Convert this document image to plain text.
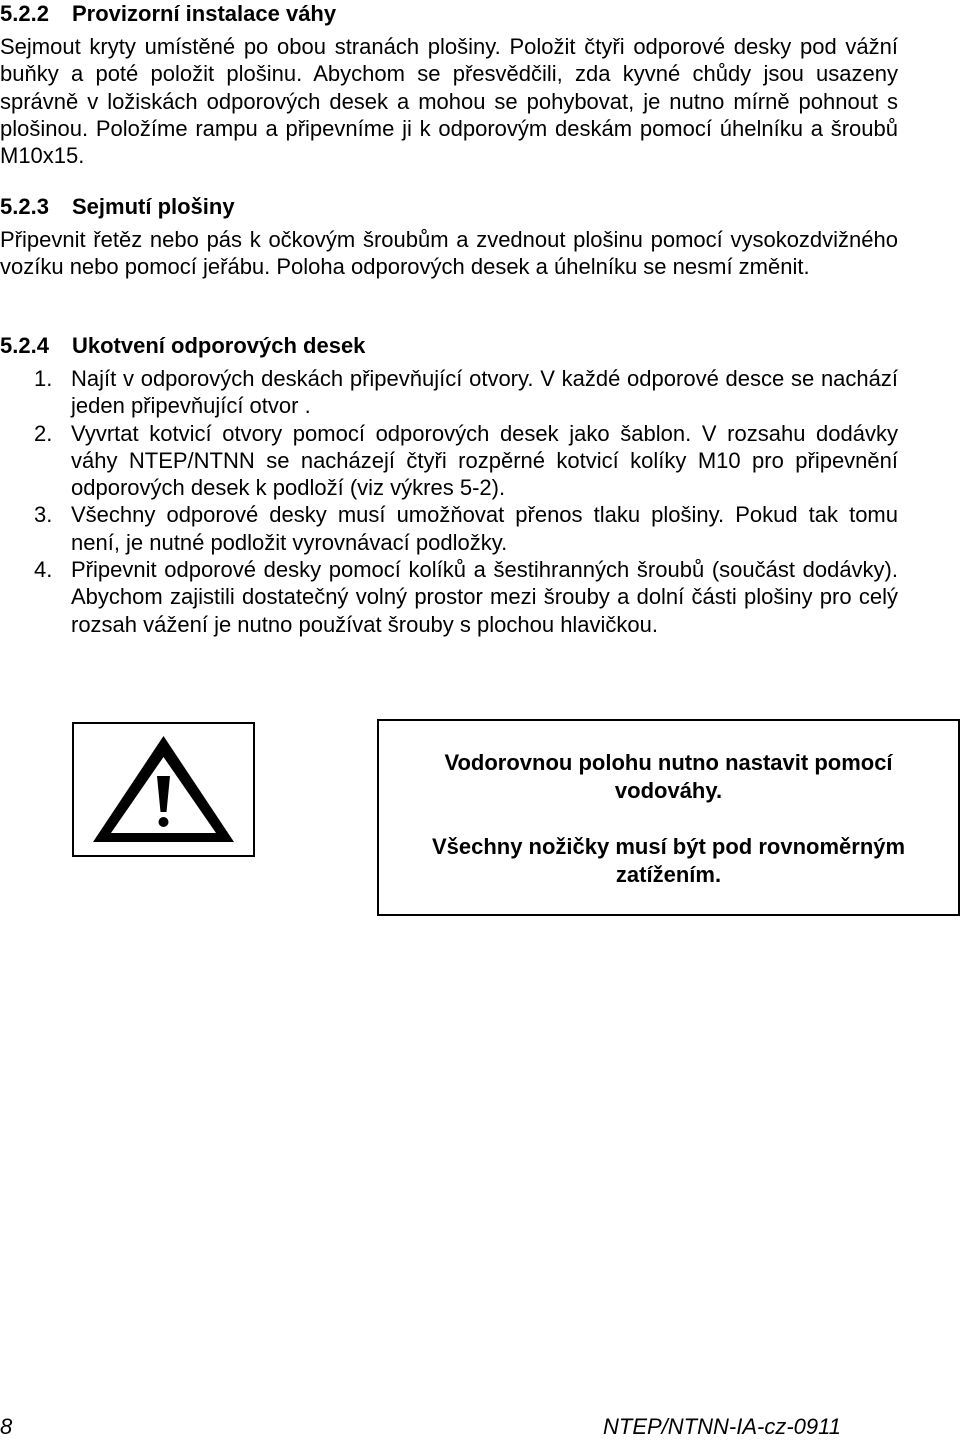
5.2.2 Provizorní instalace váhy

Sejmout kryty umístěné po obou stranách plošiny. Položit čtyři odporové desky pod vážní buňky a poté položit plošinu. Abychom se přesvědčili, zda kyvné chůdy jsou usazeny správně v ložiskách odporových desek a mohou se pohybovat, je nutno mírně pohnout s plošinou. Položíme rampu a připevníme ji k odporovým deskám pomocí úhelníku a šroubů M10x15.

5.2.3 Sejmutí plošiny

Připevnit řetěz nebo pás k očkovým šroubům a zvednout plošinu pomocí vysokozdvižného vozíku nebo pomocí jeřábu. Poloha odporových desek a úhelníku se nesmí změnit.

5.2.4 Ukotvení odporových desek

1. Najít v odporových deskách připevňující otvory. V každé odporové desce se nachází jeden připevňující otvor .
2. Vyvrtat kotvicí otvory pomocí odporových desek jako šablon. V rozsahu dodávky váhy NTEP/NTNN se nacházejí čtyři rozpěrné kotvicí kolíky M10 pro připevnění odporových desek k podloží (viz výkres 5-2).
3. Všechny odporové desky musí umožňovat přenos tlaku plošiny. Pokud tak tomu není, je nutné podložit vyrovnávací podložky.
4. Připevnit odporové desky pomocí kolíků a šestihranných šroubů (součást dodávky). Abychom zajistili dostatečný volný prostor mezi šrouby a dolní části plošiny pro celý rozsah vážení je nutno používat šrouby s plochou hlavičkou.

Vodorovnou polohu nutno nastavit pomocí vodováhy.

Všechny nožičky musí být pod rovnoměrným zatížením.

8	NTEP/NTNN-IA-cz-0911
